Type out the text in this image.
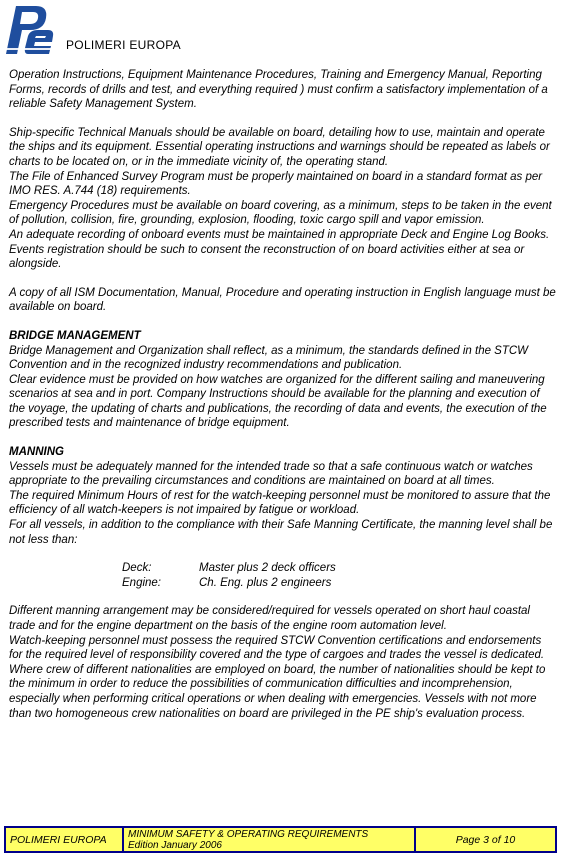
POLIMERI EUROPA

Operation Instructions, Equipment Maintenance Procedures, Training and Emergency Manual, Reporting Forms, records of drills and test, and everything required ) must confirm a satisfactory implementation of a reliable Safety Management System.

Ship-specific Technical Manuals should be available on board, detailing how to use, maintain and operate the ships and its equipment. Essential operating instructions and warnings should be repeated as labels or charts to be located on, or in the immediate vicinity of, the operating stand.

The File of Enhanced Survey Program must be properly maintained on board in a standard format as per IMO RES. A.744 (18) requirements.

Emergency Procedures must be available on board covering, as a minimum, steps to be taken in the event of pollution, collision, fire, grounding, explosion, flooding, toxic cargo spill and vapor emission.

An adequate recording of onboard events must be maintained in appropriate Deck and Engine Log Books. Events registration should be such to consent the reconstruction of on board activities either at sea or alongside.

A copy of all ISM Documentation, Manual, Procedure and operating instruction in English language must be available on board.

BRIDGE MANAGEMENT

Bridge Management and Organization shall reflect, as a minimum, the standards defined in the STCW Convention and in the recognized industry recommendations and publication.

Clear evidence must be provided on how watches are organized for the different sailing and maneuvering scenarios at sea and in port. Company Instructions should be available for the planning and execution of the voyage, the updating of charts and publications, the recording of data and events, the execution of the prescribed tests and maintenance of bridge equipment.

MANNING

Vessels must be adequately manned for the intended trade so that a safe continuous watch or watches appropriate to the prevailing circumstances and conditions are maintained on board at all times.

The required Minimum Hours of rest for the watch-keeping personnel must be monitored to assure that the efficiency of all watch-keepers is not impaired by fatigue or workload.

For all vessels, in addition to the compliance with their Safe Manning Certificate, the manning level shall be not less than:

Deck:	Master plus 2 deck officers
Engine:	Ch. Eng. plus 2 engineers

Different manning arrangement may be considered/required for vessels operated on short haul coastal trade and for the engine department on the basis of the engine room automation level.

Watch-keeping personnel must possess the required STCW Convention certifications and endorsements for the required level of responsibility covered and the type of cargoes and trades the vessel is dedicated.

Where crew of different nationalities are employed on board, the number of nationalities should be kept to the minimum in order to reduce the possibilities of communication difficulties and incomprehension, especially when performing critical operations or when dealing with emergencies. Vessels with not more than two homogeneous crew nationalities on board are privileged in the PE ship's evaluation process.

POLIMERI EUROPA	MINIMUM SAFETY & OPERATING REQUIREMENTS
Edition January 2006	Page 3 of 10
